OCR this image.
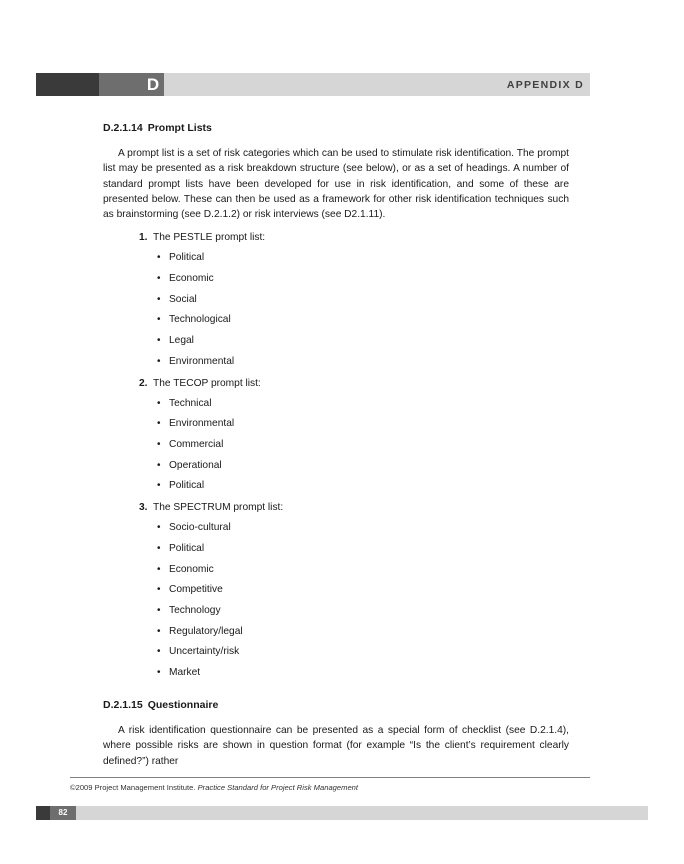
D	APPENDIX D
D.2.1.14 Prompt Lists
A prompt list is a set of risk categories which can be used to stimulate risk identification. The prompt list may be presented as a risk breakdown structure (see below), or as a set of headings. A number of standard prompt lists have been developed for use in risk identification, and some of these are presented below. These can then be used as a framework for other risk identification techniques such as brainstorming (see D.2.1.2) or risk interviews (see D2.1.11).
1. The PESTLE prompt list:
• Political
• Economic
• Social
• Technological
• Legal
• Environmental
2. The TECOP prompt list:
• Technical
• Environmental
• Commercial
• Operational
• Political
3. The SPECTRUM prompt list:
• Socio-cultural
• Political
• Economic
• Competitive
• Technology
• Regulatory/legal
• Uncertainty/risk
• Market
D.2.1.15 Questionnaire
A risk identification questionnaire can be presented as a special form of checklist (see D.2.1.4), where possible risks are shown in question format (for example “Is the client’s requirement clearly defined?”) rather
©2009 Project Management Institute. Practice Standard for Project Risk Management
82
